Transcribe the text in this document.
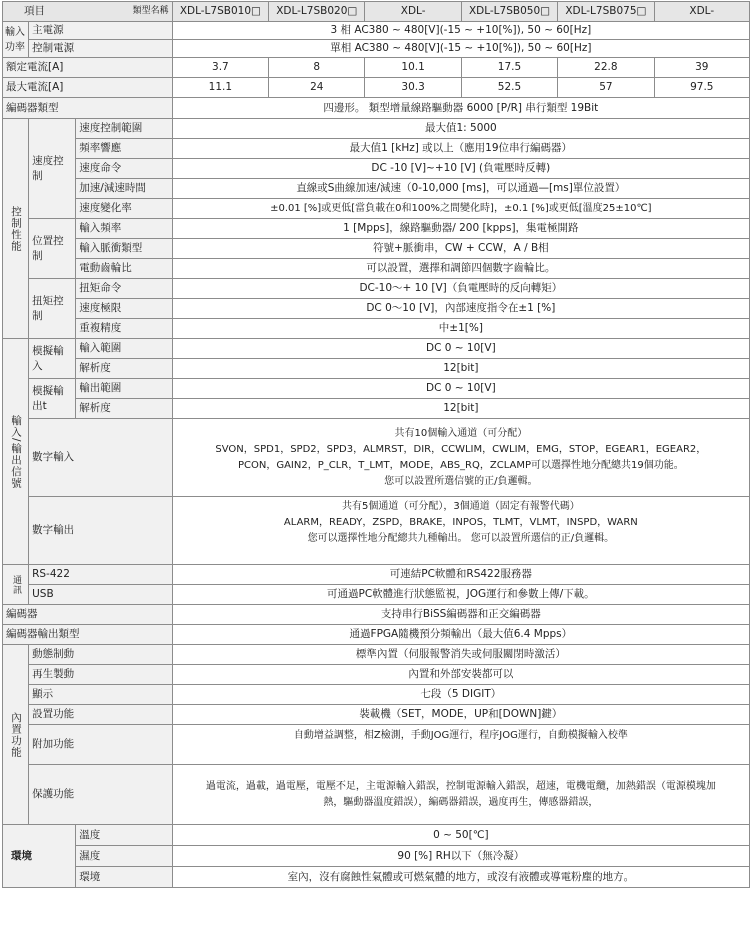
項目 類型名稱			XDL-L7SB010□	XDL-L7SB020□	XDL-	XDL-L7SB050□	XDL-L7SB075□	XDL-
輸入功率	主電源		3 相 AC380 ~ 480[V](-15 ~ +10[%]), 50 ~ 60[Hz]					
	控制電源		單相 AC380 ~ 480[V](-15 ~ +10[%]), 50 ~ 60[Hz]					
額定電流[A]			3.7	8	10.1	17.5	22.8	39
最大電流[A]			11.1	24	30.3	52.5	57	97.5
編碼器類型			四邊形。 類型增量線路驅動器 6000 [P/R] 串行類型 19Bit					
控制性能	速度控制	速度控制範圍	最大值1: 5000					
		頻率響應	最大值1 [kHz] 或以上（應用19位串行編碼器）					
		速度命令	DC -10 [V]~+10 [V] (負電壓時反轉)					
		加速/減速時間	直線或S曲線加速/減速（0-10,000 [ms]，可以通過—[ms]單位設置）					
		速度變化率	±0.01 [%]或更低[當負載在0和100%之間變化時]，±0.1 [%]或更低[溫度25±10℃]					
	位置控制	輸入頻率	1 [Mpps]，線路驅動器/ 200 [kpps]，集電極開路					
		輸入脈衝類型	符號+脈衝串，CW + CCW，A / B相					
		電動齒輪比	可以設置，選擇和調節四個數字齒輪比。					
	扭矩控制	扭矩命令	DC-10～+ 10 [V]（負電壓時的反向轉矩）					
		速度極限	DC 0～10 [V]，內部速度指令在±1 [%]					
		重複精度	中±1[%]					
輸入/輸出信號	模擬輸入	輸入範圍	DC 0 ~ 10[V]					
		解析度	12[bit]					
	模擬輸出t	輸出範圍	DC 0 ~ 10[V]					
		解析度	12[bit]					
	數字輸入		共有10個輸入通道（可分配）
SVON，SPD1，SPD2，SPD3，ALMRST，DIR，CCWLIM，CWLIM，EMG，STOP，EGEAR1，EGEAR2，
PCON，GAIN2，P_CLR，T_LMT，MODE，ABS_RQ，ZCLAMP可以選擇性地分配總共19個功能。
您可以設置所選信號的正/負邏輯。					

	數字輸出		共有5個通道（可分配），3個通道（固定有報警代碼）
ALARM，READY，ZSPD，BRAKE，INPOS，TLMT，VLMT，INSPD，WARN
您可以選擇性地分配總共九種輸出。 您可以設置所選信的正/負邏輯。					

通訊	RS-422		可連結PC軟體和RS422服務器					
	USB		可通過PC軟體進行狀態監視，JOG運行和參數上傳/下載。					
編碼器			支持串行BiSS編碼器和正交編碼器					
編碼器輸出類型			通過FPGA隨機預分頻輸出（最大值6.4 Mpps）					
內置功能	動態制動		標準內置（伺服報警消失或伺服關閉時激活）					
	再生製動		內置和外部安裝都可以					
	顯示		七段（5 DIGIT）					
	設置功能		裝載機（SET，MODE，UP和[DOWN]鍵）					
	附加功能		自動增益調整，相Z檢測，手動JOG運行，程序JOG運行，自動模擬輸入校準					
	保護功能		過電流，過載，過電壓，電壓不足，主電源輸入錯誤，控制電源輸入錯誤，超速，電機電纜，加熱錯誤（電源模塊加
熱，驅動器溫度錯誤），編碼器錯誤，過度再生，傳感器錯誤，					

環境		溫度	0 ~ 50[℃]					
		濕度	90 [%] RH以下（無冷凝）					
		環境	室內，沒有腐蝕性氣體或可燃氣體的地方，或沒有液體或導電粉塵的地方。					
